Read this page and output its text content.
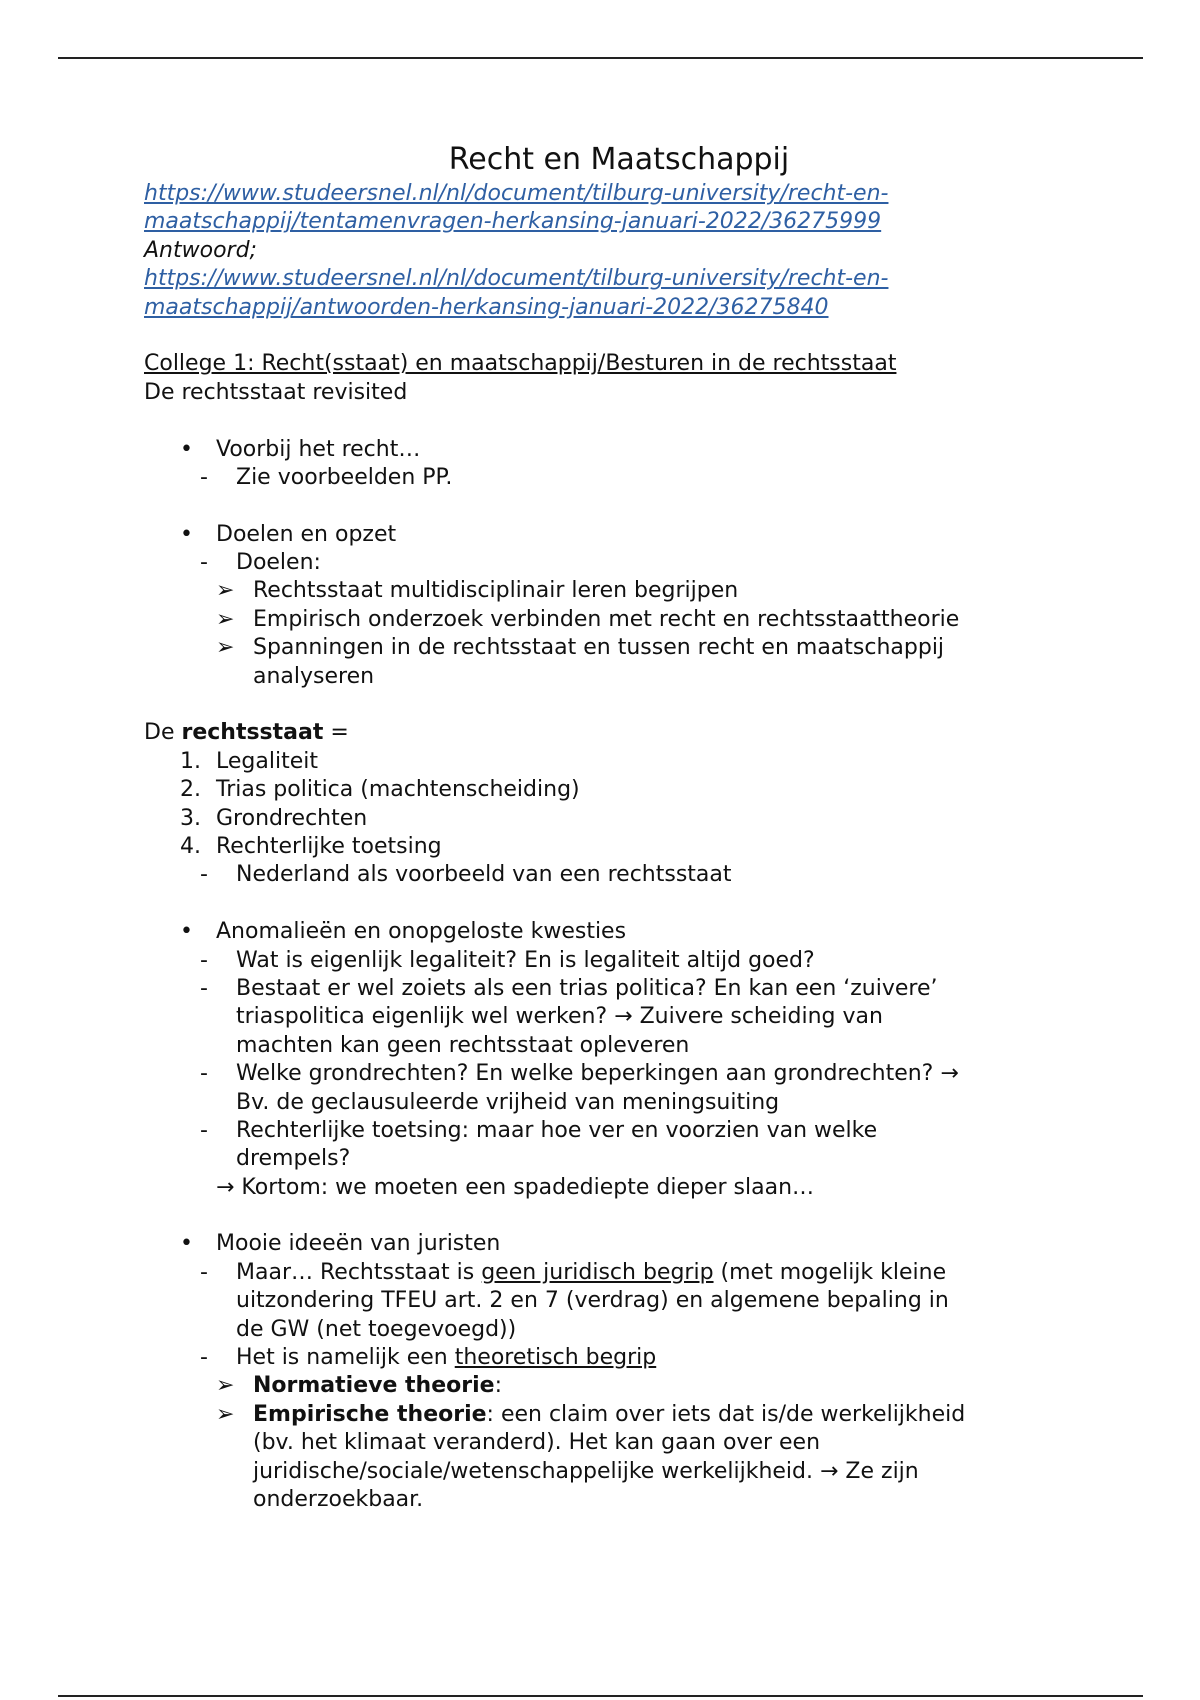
Recht en Maatschappij
https://www.studeersnel.nl/nl/document/tilburg-university/recht-en-
maatschappij/tentamenvragen-herkansing-januari-2022/36275999
Antwoord;
https://www.studeersnel.nl/nl/document/tilburg-university/recht-en-
maatschappij/antwoorden-herkansing-januari-2022/36275840
College 1: Recht(sstaat) en maatschappij/Besturen in de rechtsstaat
De rechtsstaat revisited
• Voorbij het recht…
- Zie voorbeelden PP.
• Doelen en opzet
- Doelen:
➢ Rechtsstaat multidisciplinair leren begrijpen
➢ Empirisch onderzoek verbinden met recht en rechtsstaattheorie
➢ Spanningen in de rechtsstaat en tussen recht en maatschappij
analyseren
De rechtsstaat =
1. Legaliteit
2. Trias politica (machtenscheiding)
3. Grondrechten
4. Rechterlijke toetsing
- Nederland als voorbeeld van een rechtsstaat
• Anomalieën en onopgeloste kwesties
- Wat is eigenlijk legaliteit? En is legaliteit altijd goed?
- Bestaat er wel zoiets als een trias politica? En kan een ‘zuivere’
triaspolitica eigenlijk wel werken? → Zuivere scheiding van
machten kan geen rechtsstaat opleveren
- Welke grondrechten? En welke beperkingen aan grondrechten? →
Bv. de geclausuleerde vrijheid van meningsuiting
- Rechterlijke toetsing: maar hoe ver en voorzien van welke
drempels?
→ Kortom: we moeten een spadediepte dieper slaan…
• Mooie ideeën van juristen
- Maar… Rechtsstaat is geen juridisch begrip (met mogelijk kleine
uitzondering TFEU art. 2 en 7 (verdrag) en algemene bepaling in
de GW (net toegevoegd))
- Het is namelijk een theoretisch begrip
➢ Normatieve theorie:
➢ Empirische theorie: een claim over iets dat is/de werkelijkheid
(bv. het klimaat veranderd). Het kan gaan over een
juridische/sociale/wetenschappelijke werkelijkheid. → Ze zijn
onderzoekbaar.
